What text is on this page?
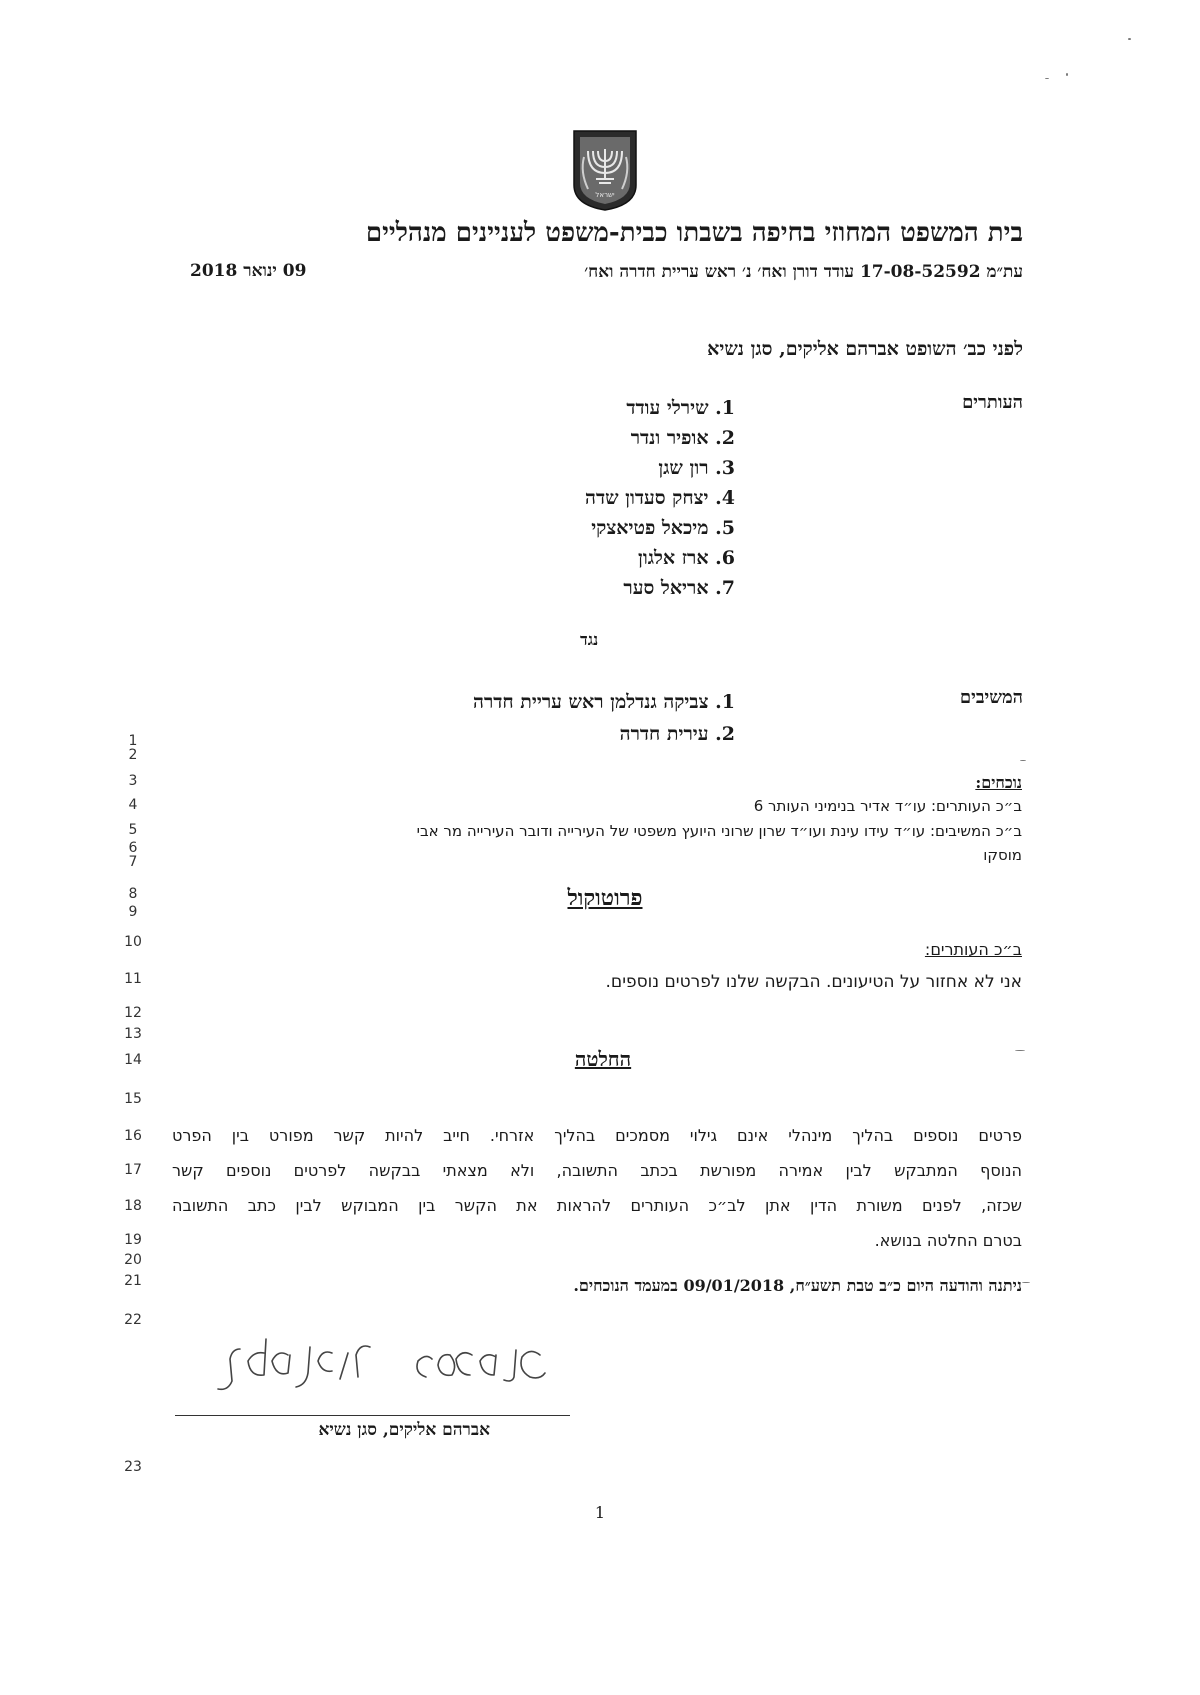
ישראל
בית המשפט המחוזי בחיפה בשבתו כבית-משפט לעניינים מנהליים
עת״מ 17-08-52592 עודד דורן ואח׳ נ׳ ראש עריית חדרה ואח׳
09 ינואר 2018
לפני כב׳ השופט אברהם אליקים, סגן נשיא
העותרים
1. שירלי עודד
2. אופיר ונדר
3. רון שגן
4. יצחק סעדון שדה
5. מיכאל פטיאצקי
6. ארז אלגון
7. אריאל סער
נגד
המשיבים
1. צביקה גנדלמן ראש עריית חדרה
2. עירית חדרה
1
2
3
4
5
6
7
8
9
10
11
12
13
14
15
16
17
18
19
20
21
22
23
נוכחים:
ב״כ העותרים: עו״ד אדיר בנימיני העותר 6
ב״כ המשיבים: עו״ד עידו עינת ועו״ד שרון שרוני היועץ משפטי של העירייה ודובר העירייה מר אבי
מוסקו
פרוטוקול
ב״כ העותרים:
אני לא אחזור על הטיעונים. הבקשה שלנו לפרטים נוספים.
החלטה
פרטים נוספים בהליך מינהלי אינם גילוי מסמכים בהליך אזרחי. חייב להיות קשר מפורט בין הפרט
הנוסף המתבקש לבין אמירה מפורשת בכתב התשובה, ולא מצאתי בבקשה לפרטים נוספים קשר
שכזה, לפנים משורת הדין אתן לב״כ העותרים להראות את הקשר בין המבוקש לבין כתב התשובה
בטרם החלטה בנושא.
ניתנה והודעה היום כ״ב טבת תשע״ח, 09/01/2018 במעמד הנוכחים.
אברהם אליקים, סגן נשיא
1
